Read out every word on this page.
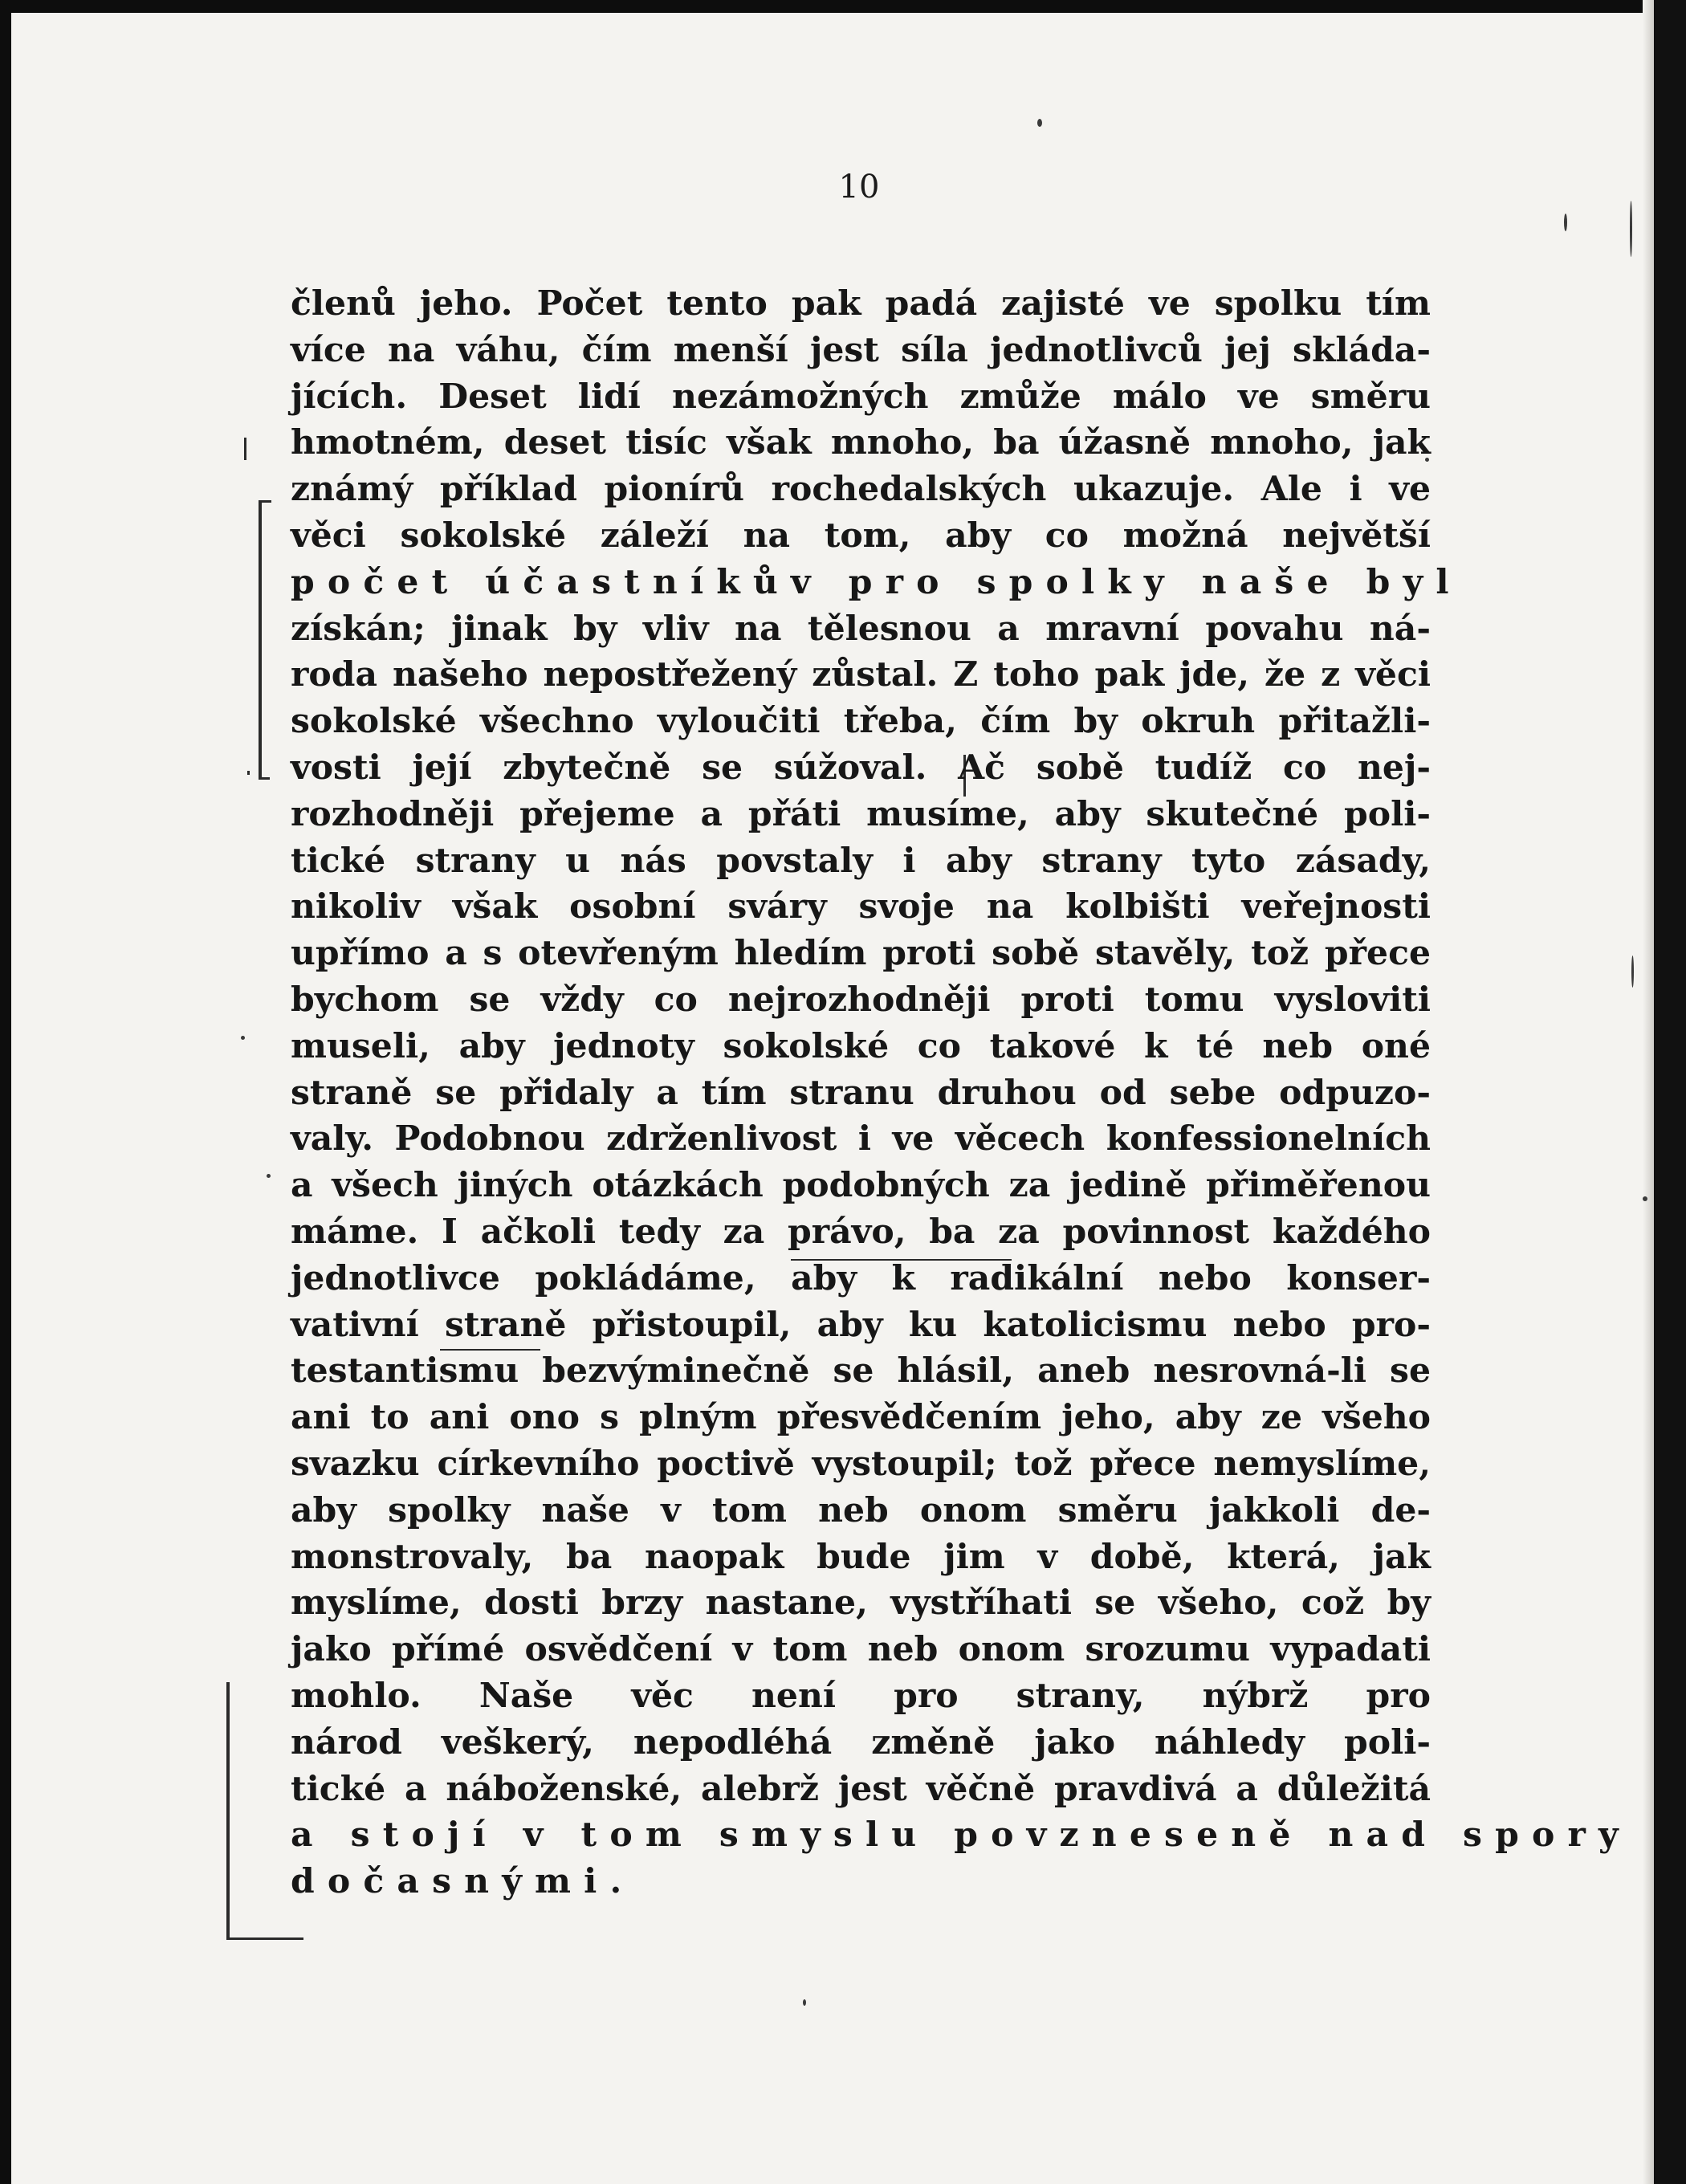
10
členů jeho. Počet tento pak padá zajisté ve spolku tím
více na váhu, čím menší jest síla jednotlivců jej skláda-
jících. Deset lidí nezámožných zmůže málo ve směru
hmotném, deset tisíc však mnoho, ba úžasně mnoho, jak
známý příklad pionírů rochedalských ukazuje. Ale i ve
věci sokolské záleží na tom, aby co možná největší
počet účastníkův pro spolky naše byl
získán; jinak by vliv na tělesnou a mravní povahu ná-
roda našeho nepostřežený zůstal. Z toho pak jde, že z věci
sokolské všechno vyloučiti třeba, čím by okruh přitažli-
vosti její zbytečně se súžoval. Ač sobě tudíž co nej-
rozhodněji přejeme a přáti musíme, aby skutečné poli-
tické strany u nás povstaly i aby strany tyto zásady,
nikoliv však osobní sváry svoje na kolbišti veřejnosti
upřímo a s otevřeným hledím proti sobě stavěly, tož přece
bychom se vždy co nejrozhodněji proti tomu vysloviti
museli, aby jednoty sokolské co takové k té neb oné
straně se přidaly a tím stranu druhou od sebe odpuzo-
valy. Podobnou zdrženlivost i ve věcech konfessionelních
a všech jiných otázkách podobných za jedině přiměřenou
máme. I ačkoli tedy za právo, ba za povinnost každého
jednotlivce pokládáme, aby k radikální nebo konser-
vativní straně přistoupil, aby ku katolicismu nebo pro-
testantismu bezvýminečně se hlásil, aneb nesrovná-li se
ani to ani ono s plným přesvědčením jeho, aby ze všeho
svazku církevního poctivě vystoupil; tož přece nemyslíme,
aby spolky naše v tom neb onom směru jakkoli de-
monstrovaly, ba naopak bude jim v době, která, jak
myslíme, dosti brzy nastane, vystříhati se všeho, což by
jako přímé osvědčení v tom neb onom srozumu vypadati
mohlo. Naše věc není pro strany, nýbrž pro
národ veškerý, nepodléhá změně jako náhledy poli-
tické a náboženské, alebrž jest věčně pravdivá a důležitá
a stojí v tom smyslu povzneseně nad spory
dočasnými.
